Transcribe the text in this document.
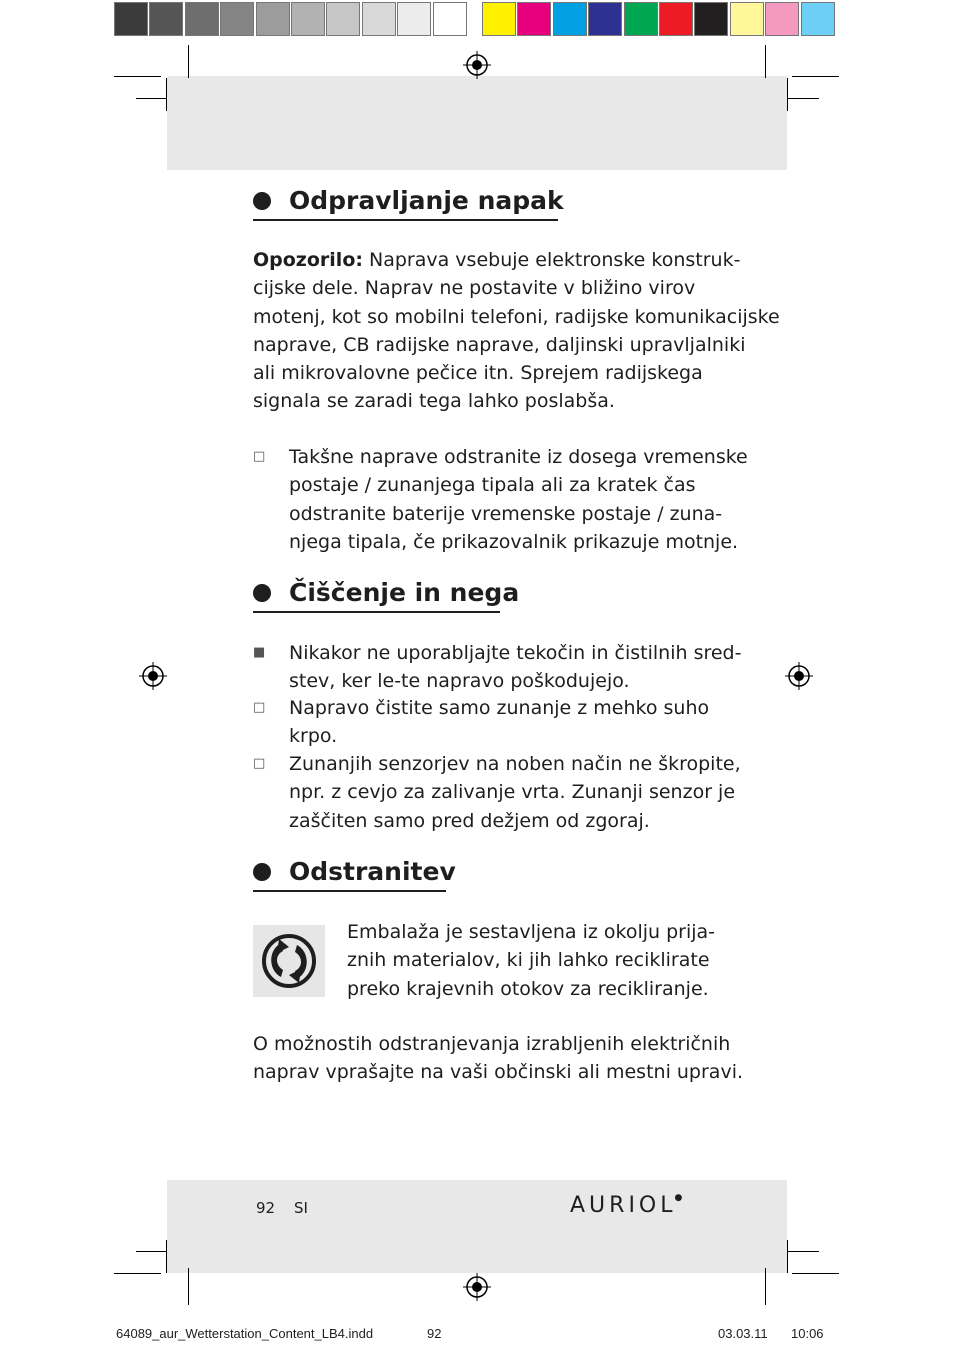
Odpravljanje napak

Opozorilo: Naprava vsebuje elektronske konstruk-

cijske dele. Naprav ne postavite v bližino virov

motenj, kot so mobilni telefoni, radijske komunikacijske

naprave, CB radijske naprave, daljinski upravljalniki

ali mikrovalovne pečice itn. Sprejem radijskega

signala se zaradi tega lahko poslabša.

□	Takšne naprave odstranite iz dosega vremenske

postaje / zunanjega tipala ali za kratek čas

odstranite baterije vremenske postaje / zuna-

njega tipala, če prikazovalnik prikazuje motnje.

Čiščenje in nega
■	Nikakor ne uporabljajte tekočin in čistilnih sred-

stev, ker le-te napravo poškodujejo.

□	Napravo čistite samo zunanje z mehko suho

krpo.

□	Zunanjih senzorjev na noben način ne škropite,

npr. z cevjo za zalivanje vrta. Zunanji senzor je

zaščiten samo pred dežjem od zgoraj.

Odstranitev

Embalaža je sestavljena iz okolju prija-

znih materialov, ki jih lahko reciklirate

preko krajevnih otokov za recikliranje.

O možnostih odstranjevanja izrabljenih električnih

naprav vprašajte na vaši občinski ali mestni upravi.

92 SI	AURIOL
●
64089_aur_Wetterstation_Content_LB4.indd	92	03.03.11 10:06
